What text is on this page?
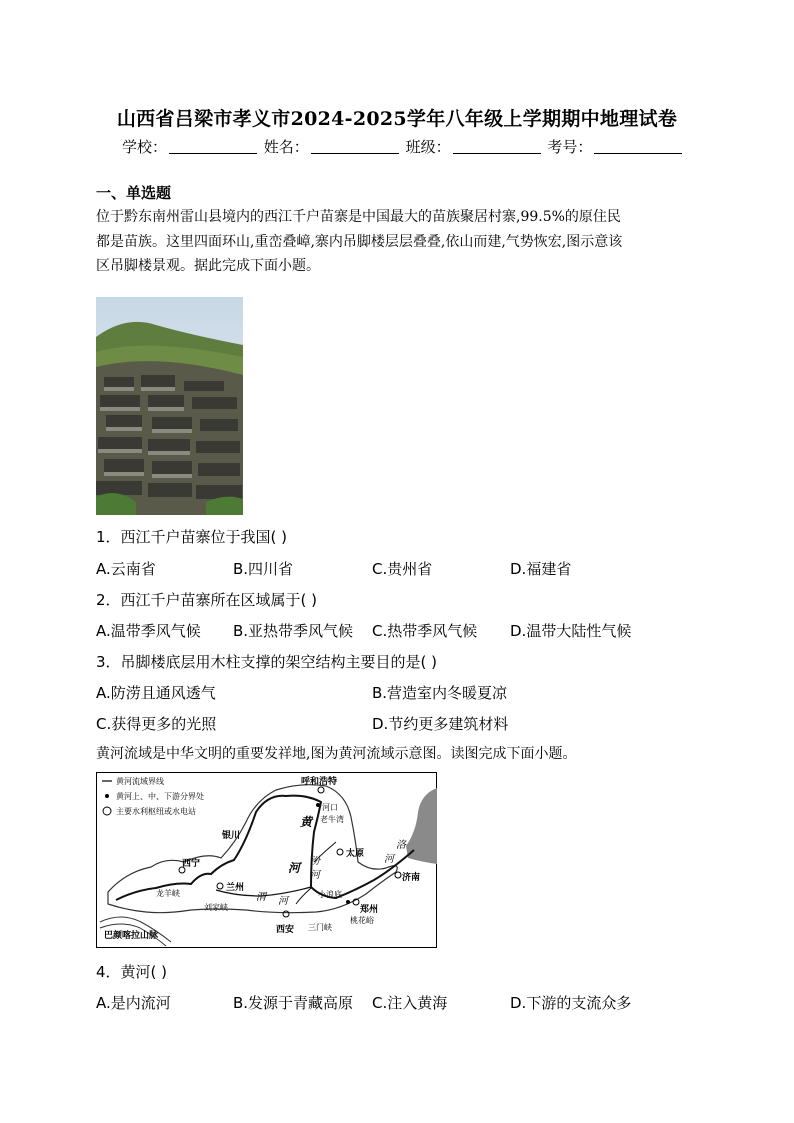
山西省吕梁市孝义市2024-2025学年八年级上学期期中地理试卷
学校：	姓名：	班级：	考号：
一、单选题
位于黔东南州雷山县境内的西江千户苗寨是中国最大的苗族聚居村寨,99.5%的原住民
都是苗族。这里四面环山,重峦叠嶂,寨内吊脚楼层层叠叠,依山而建,气势恢宏,图示意该
区吊脚楼景观。据此完成下面小题。
1．西江千户苗寨位于我国( )
A.云南省	B.四川省	C.贵州省	D.福建省
2．西江千户苗寨所在区域属于( )
A.温带季风气候 B.亚热带季风气候 C.热带季风气候 D.温带大陆性气候
3．吊脚楼底层用木柱支撑的架空结构主要目的是( )
A.防涝且通风透气	B.营造室内冬暖夏凉
C.获得更多的光照	D.节约更多建筑材料
黄河流域是中华文明的重要发祥地,图为黄河流域示意图。读图完成下面小题。
黄河流域界线
黄河上、中、下游分界处
主要水利枢纽或水电站
呼和浩特
河口
老牛湾
银川
太原
济南
西宁
兰州
郑州
西安
桃花峪
小浪底
三门峡
龙羊峡
刘家峡
巴颜喀拉山脉
黄
河 汾
河
渭 河
洛
河
4．黄河( )
A.是内流河	B.发源于青藏高原 C.注入黄海	D.下游的支流众多
